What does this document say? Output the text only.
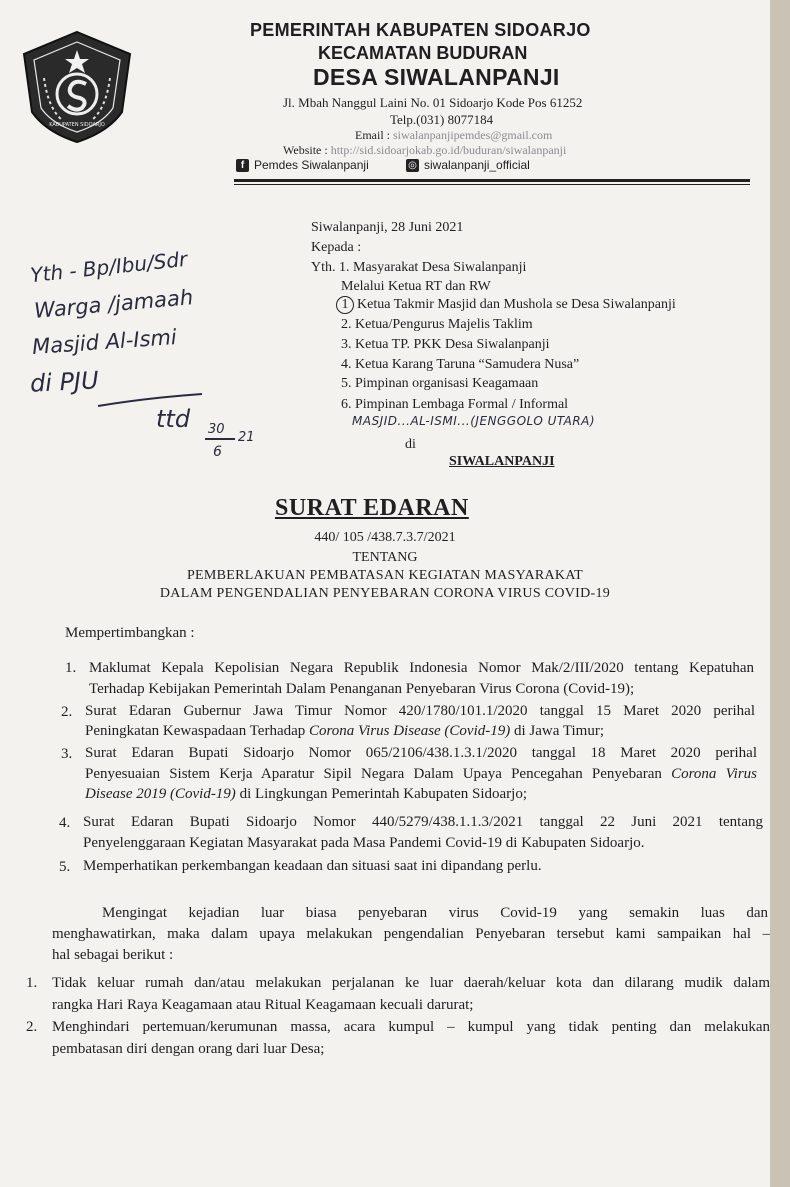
KABUPATEN SIDOARJO
PEMERINTAH KABUPATEN SIDOARJO
KECAMATAN BUDURAN
DESA SIWALANPANJI
Jl. Mbah Nanggul Laini No. 01 Sidoarjo Kode Pos 61252
Telp.(031) 8077184
Email : siwalanpanjipemdes@gmail.com
Website : http://sid.sidoarjokab.go.id/buduran/siwalanpanji
f Pemdes Siwalanpanji	◎ siwalanpanji_official
Siwalanpanji, 28 Juni 2021
Kepada :
Yth. 1. Masyarakat Desa Siwalanpanji
Melalui Ketua RT dan RW
1 Ketua Takmir Masjid dan Mushola se Desa Siwalanpanji
2. Ketua/Pengurus Majelis Taklim
3. Ketua TP. PKK Desa Siwalanpanji
4. Ketua Karang Taruna “Samudera Nusa”
5. Pimpinan organisasi Keagamaan
6. Pimpinan Lembaga Formal / Informal
MASJID...AL-ISMI...(JENGGOLO UTARA)
di
SIWALANPANJI
Yth - Bp/Ibu/Sdr
Warga /jamaah
Masjid Al-Ismi
di PJU
ttd 30
6
21
SURAT EDARAN
440/ 105 /438.7.3.7/2021
TENTANG
PEMBERLAKUAN PEMBATASAN KEGIATAN MASYARAKAT
DALAM PENGENDALIAN PENYEBARAN CORONA VIRUS COVID-19
Mempertimbangkan :
1. Maklumat Kepala Kepolisian Negara Republik Indonesia Nomor Mak/2/III/2020 tentang Kepatuhan
Terhadap Kebijakan Pemerintah Dalam Penanganan Penyebaran Virus Corona (Covid-19);
2. Surat Edaran Gubernur Jawa Timur Nomor 420/1780/101.1/2020 tanggal 15 Maret 2020 perihal
Peningkatan Kewaspadaan Terhadap Corona Virus Disease (Covid-19) di Jawa Timur;
3. Surat Edaran Bupati Sidoarjo Nomor 065/2106/438.1.3.1/2020 tanggal 18 Maret 2020 perihal
Penyesuaian Sistem Kerja Aparatur Sipil Negara Dalam Upaya Pencegahan Penyebaran Corona Virus
Disease 2019 (Covid-19) di Lingkungan Pemerintah Kabupaten Sidoarjo;
4. Surat Edaran Bupati Sidoarjo Nomor 440/5279/438.1.1.3/2021 tanggal 22 Juni 2021 tentang
Penyelenggaraan Kegiatan Masyarakat pada Masa Pandemi Covid-19 di Kabupaten Sidoarjo.
5. Memperhatikan perkembangan keadaan dan situasi saat ini dipandang perlu.
Mengingat kejadian luar biasa penyebaran virus Covid-19 yang semakin luas dan
menghawatirkan, maka dalam upaya melakukan pengendalian Penyebaran tersebut kami sampaikan hal –
hal sebagai berikut :
1. Tidak keluar rumah dan/atau melakukan perjalanan ke luar daerah/keluar kota dan dilarang mudik dalam
rangka Hari Raya Keagamaan atau Ritual Keagamaan kecuali darurat;
2. Menghindari pertemuan/kerumunan massa, acara kumpul – kumpul yang tidak penting dan melakukan
pembatasan diri dengan orang dari luar Desa;
